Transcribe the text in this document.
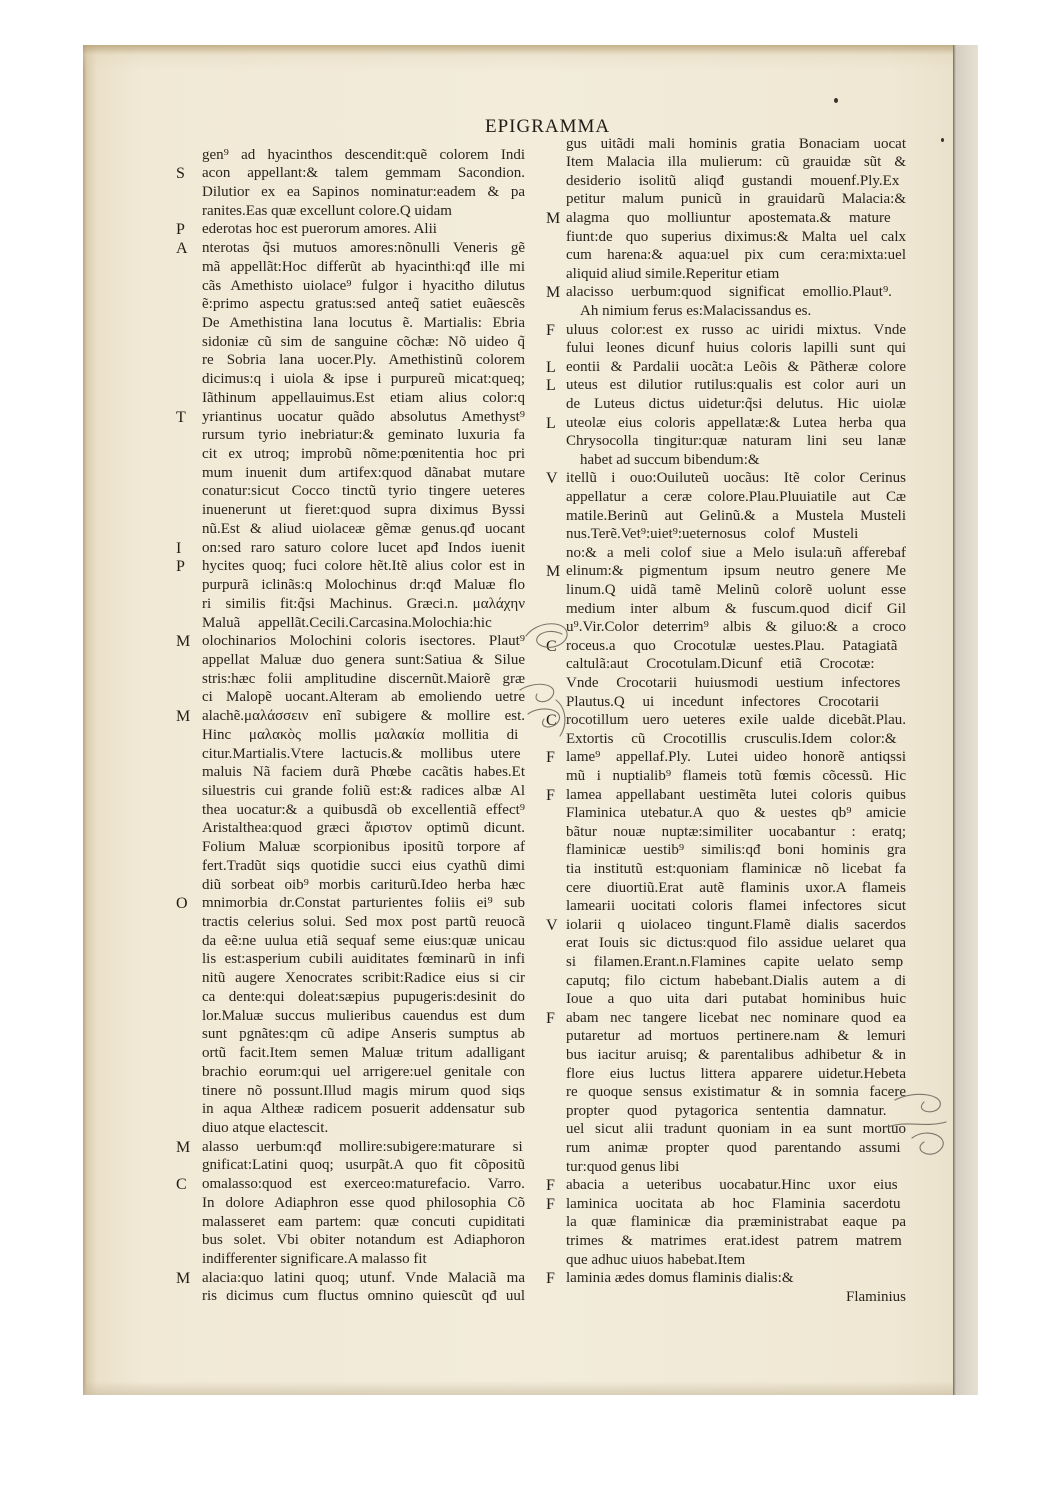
EPIGRAMMA
gen⁹ ad hyacinthos descendit:quẽ colorem Indi
acon appellant:& talem gemmam Sacondion.
S
Dilutior ex ea Sapinos nominatur:eadem & pa
ranites.Eas quæ excellunt colore.Q uidam
ederotas hoc est puerorum amores. Alii
P
nterotas q̃si mutuos amores:nõnulli Veneris gẽ
A
mã appellãt:Hoc differũt ab hyacinthi:qđ ille mi
cãs Amethisto uiolace⁹ fulgor i hyacitho dilutus
ẽ:primo aspectu gratus:sed anteq̃ satiet euãescẽs
De Amethistina lana locutus ẽ. Martialis: Ebria
sidoniæ cũ sim de sanguine cõchæ: Nõ uideo q̃
re Sobria lana uocer.Ply. Amethistinũ colorem
dicimus:q i uiola & ipse i purpureũ micat:queq;
Iãthinum appellauimus.Est etiam alius color:q
yriantinus uocatur quãdo absolutus Amethyst⁹
T
rursum tyrio inebriatur:& geminato luxuria fa
cit ex utroq; improbũ nõme:pœnitentia hoc pri
mum inuenit dum artifex:quod dãnabat mutare
conatur:sicut Cocco tinctũ tyrio tingere ueteres
inuenerunt ut fieret:quod supra diximus Byssi
nũ.Est & aliud uiolaceæ gẽmæ genus.qđ uocant
on:sed raro saturo colore lucet apđ Indos iuenit
I
hycites quoq; fuci colore hẽt.Itẽ alius color est in
P
purpurã iclinãs:q Molochinus dr:qđ Maluæ flo
ri similis fit:q̃si Machinus. Græci.n. μαλάχην
Maluã appellãt.Cecili.Carcasina.Molochia:hic
olochinarios Molochini coloris isectores. Plaut⁹
M
appellat Maluæ duo genera sunt:Satiua & Silue
stris:hæc folii amplitudine discernũt.Maiorẽ græ
ci Malopẽ uocant.Alteram ab emoliendo uetre
alachẽ.μαλάσσειν enĩ subigere & mollire est.
M
Hinc μαλακὸς mollis μαλακία mollitia di
citur.Martialis.Vtere lactucis.& mollibus utere
maluis Nã faciem durã Phœbe cacãtis habes.Et
siluestris cui grande foliũ est:& radices albæ Al
thea uocatur:& a quibusdã ob excellentiã effect⁹
Aristalthea:quod græci ἄριστον optimũ dicunt.
Folium Maluæ scorpionibus ipositũ torpore af
fert.Tradũt siqs quotidie succi eius cyathũ dimi
diũ sorbeat oib⁹ morbis cariturũ.Ideo herba hæc
mnimorbia dr.Constat parturientes foliis ei⁹ sub
O
tractis celerius solui. Sed mox post partũ reuocã
da eẽ:ne uulua etiã sequaf seme eius:quæ unicau
lis est:asperium cubili auiditates fœminarũ in infi
nitũ augere Xenocrates scribit:Radice eius si cir
ca dente:qui doleat:sæpius pupugeris:desinit do
lor.Maluæ succus mulieribus cauendus est dum
sunt pgnãtes:qm cũ adipe Anseris sumptus ab
ortũ facit.Item semen Maluæ tritum adalligant
brachio eorum:qui uel arrigere:uel genitale con
tinere nõ possunt.Illud magis mirum quod siqs
in aqua Altheæ radicem posuerit addensatur sub
diuo atque elactescit.
alasso uerbum:qđ mollire:subigere:maturare si
M
gnificat:Latini quoq; usurpãt.A quo fit cõpositũ
omalasso:quod est exerceo:maturefacio. Varro.
C
In dolore Adiaphron esse quod philosophia Cõ
malasseret eam partem: quæ concuti cupiditati
bus solet. Vbi obiter notandum est Adiaphoron
indifferenter significare.A malasso fit
alacia:quo latini quoq; utunf. Vnde Malaciã ma
M
ris dicimus cum fluctus omnino quiescũt qđ uul
gus uitãdi mali hominis gratia Bonaciam uocat
Item Malacia illa mulierum: cũ grauidæ sũt &
desiderio isolitũ aliqđ gustandi mouenf.Ply.Ex
petitur malum punicũ in grauidarũ Malacia:&
alagma quo molliuntur apostemata.& mature
M
fiunt:de quo superius diximus:& Malta uel calx
cum harena:& aqua:uel pix cum cera:mixta:uel
aliquid aliud simile.Reperitur etiam
alacisso uerbum:quod significat emollio.Plaut⁹.
M
Ah nimium ferus es:Malacissandus es.
uluus color:est ex russo ac uiridi mixtus. Vnde
F
fului leones dicunf huius coloris lapilli sunt qui
eontii & Pardalii uocãt:a Leõis & Pãtheræ colore
L
uteus est dilutior rutilus:qualis est color auri un
L
de Luteus dictus uidetur:q̃si delutus. Hic uiolæ
uteolæ eius coloris appellatæ:& Lutea herba qua
L
Chrysocolla tingitur:quæ naturam lini seu lanæ
habet ad succum bibendum:&
itellũ i ouo:Ouiluteũ uocãus: Itẽ color Cerinus
V
appellatur a ceræ colore.Plau.Pluuiatile aut Cæ
matile.Berinũ aut Gelinũ.& a Mustela Musteli
nus.Terẽ.Vet⁹:uiet⁹:ueternosus colof Musteli
no:& a meli colof siue a Melo isula:uñ afferebaf
elinum:& pigmentum ipsum neutro genere Me
M
linum.Q uidã tamẽ Melinũ colorẽ uolunt esse
medium inter album & fuscum.quod dicif Gil
u⁹.Vir.Color deterrim⁹ albis & giluo:& a croco
roceus.a quo Crocotulæ uestes.Plau. Patagiatã
C
caltulã:aut Crocotulam.Dicunf etiã Crocotæ:
Vnde Crocotarii huiusmodi uestium infectores
Plautus.Q ui incedunt infectores Crocotarii
rocotillum uero ueteres exile ualde dicebãt.Plau.
C
Extortis cũ Crocotillis crusculis.Idem color:&
lame⁹ appellaf.Ply. Lutei uideo honorẽ antiqssi
F
mũ i nuptialib⁹ flameis totũ fœmis cõcessũ. Hic
lamea appellabant uestimẽta lutei coloris quibus
F
Flaminica utebatur.A quo & uestes qb⁹ amicie
bãtur nouæ nuptæ:similiter uocabantur : eratq;
flaminicæ uestib⁹ similis:qđ boni hominis gra
tia institutũ est:quoniam flaminicæ nõ licebat fa
cere diuortiũ.Erat autẽ flaminis uxor.A flameis
lamearii uocitati coloris flamei infectores sicut
iolarii q uiolaceo tingunt.Flamẽ dialis sacerdos
V
erat Iouis sic dictus:quod filo assidue uelaret qua
si filamen.Erant.n.Flamines capite uelato semp
caputq; filo cictum habebant.Dialis autem a di
Ioue a quo uita dari putabat hominibus huic
abam nec tangere licebat nec nominare quod ea
F
putaretur ad mortuos pertinere.nam & lemuri
bus iacitur aruisq; & parentalibus adhibetur & in
flore eius luctus littera apparere uidetur.Hebeta
re quoque sensus existimatur & in somnia facere
propter quod pytagorica sententia damnatur.
uel sicut alii tradunt quoniam in ea sunt mortuo
rum animæ propter quod parentando assumi
tur:quod genus libi
abacia a ueteribus uocabatur.Hinc uxor eius
F
laminica uocitata ab hoc Flaminia sacerdotu
F
la quæ flaminicæ dia præministrabat eaque pa
trimes & matrimes erat.idest patrem matrem
que adhuc uiuos habebat.Item
laminia ædes domus flaminis dialis:&
F
Flaminius
